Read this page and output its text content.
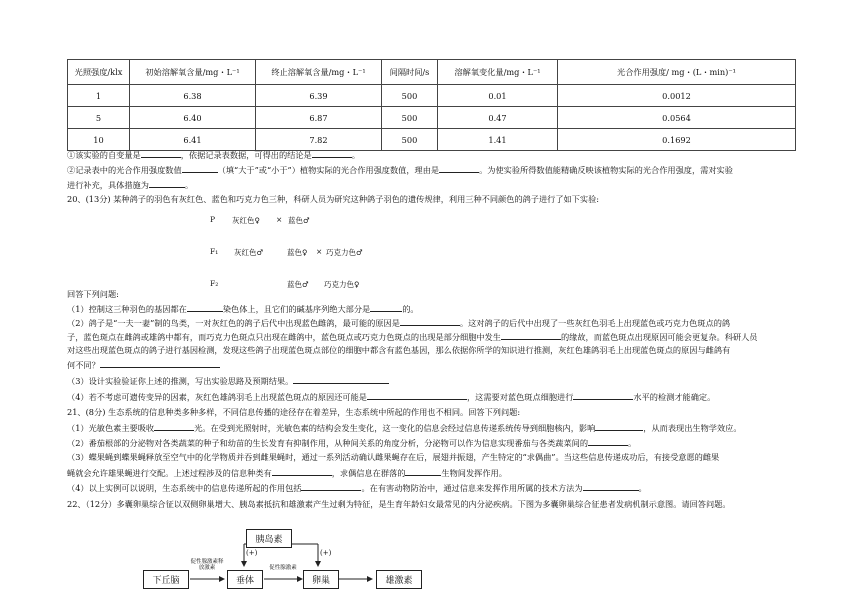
光照强度/klx	初始溶解氧含量/mg・L⁻¹	终止溶解氧含量/mg・L⁻¹	间隔时间/s	溶解氧变化量/mg・L⁻¹	光合作用强度/ mg・(L・min)⁻¹
1	6.38	6.39	500	0.01	0.0012
5	6.40	6.87	500	0.47	0.0564
10	6.41	7.82	500	1.41	0.1692
①该实验的自变量是	，依据记录表数据，可得出的结论是	。
②记录表中的光合作用强度数值	（填“大于”或“小于”）植物实际的光合作用强度数值，理由是	。为使实验所得数值能精确反映该植物实际的光合作用强度，需对实验
进行补充，具体措施为	。
20、(13分) 某种鸽子的羽色有灰红色、蓝色和巧克力色三种，科研人员为研究这种鸽子羽色的遗传规律，利用三种不同颜色的鸽子进行了如下实验:
P 灰红色♀ × 蓝色♂
F₁ 灰红色♂	蓝色♀ × 巧克力色♂
F₂	蓝色♂ 巧克力色♀
回答下列问题:
（1）控制这三种羽色的基因都在	染色体上，且它们的碱基序列绝大部分是	的。
（2）鸽子是“一夫一妻”制的鸟类，一对灰红色的鸽子后代中出现蓝色雌鸽，最可能的原因是	。这对鸽子的后代中出现了一些灰红色羽毛上出现蓝色或巧克力色斑点的鸽
子，蓝色斑点在雌鸽或雄鸽中都有，而巧克力色斑点只出现在雌鸽中，蓝色斑点或巧克力色斑点的出现是部分细胞中发生	的缘故，而蓝色斑点出现原因可能会更复杂。科研人员
对这些出现蓝色斑点的鸽子进行基因检测，发现这些鸽子出现蓝色斑点部位的细胞中都含有蓝色基因，那么依据你所学的知识进行推测，灰红色雄鸽羽毛上出现蓝色斑点的原因与雌鸽有
何不同？
（3）设计实验验证你上述的推测，写出实验思路及预期结果。
（4）若不考虑可遗传变异的因素，灰红色雄鸽羽毛上出现蓝色斑点的原因还可能是	，这需要对蓝色斑点细胞进行	水平的检测才能确定。
21、(8分) 生态系统的信息种类多种多样，不同信息传播的途径存在着差异，生态系统中所起的作用也不相同。回答下列问题:
（1）光敏色素主要吸收	光。在受到光照射时，光敏色素的结构会发生变化，这一变化的信息会经过信息传递系统传导到细胞核内，影响	，从而表现出生物学效应。
（2）番茄根部的分泌物对各类蔬菜的种子和幼苗的生长发育有抑制作用，从种间关系的角度分析，分泌物可以作为信息实现番茄与各类蔬菜间的	。
（3）蝶果蝇到蝶果蝇释放至空气中的化学物质并吞到雌果蝇时，通过一系列活动确认雌果蝇存在后，展翅并振翅，产生特定的“求偶曲”。当这些信息传递成功后，有接受意愿的雌果
蝇就会允许雄果蝇进行交配。上述过程涉及的信息种类有	，求偶信息在群落的	生物间发挥作用。
（4）以上实例可以说明，生态系统中的信息传递所起的作用包括	。在有害动物防治中，通过信息来发挥作用所属的技术方法为	。
22、（12分）多囊卵巢综合征以双侧卵巢增大、胰岛素抵抗和雄激素产生过剩为特征，是生育年龄妇女最常见的内分泌疾病。下图为多囊卵巢综合征患者发病机制示意图。请回答问题。
胰岛素
下丘脑	垂体	卵巢	雄激素
促性腺激素释放激素	促性腺激素
(+)	(+)
